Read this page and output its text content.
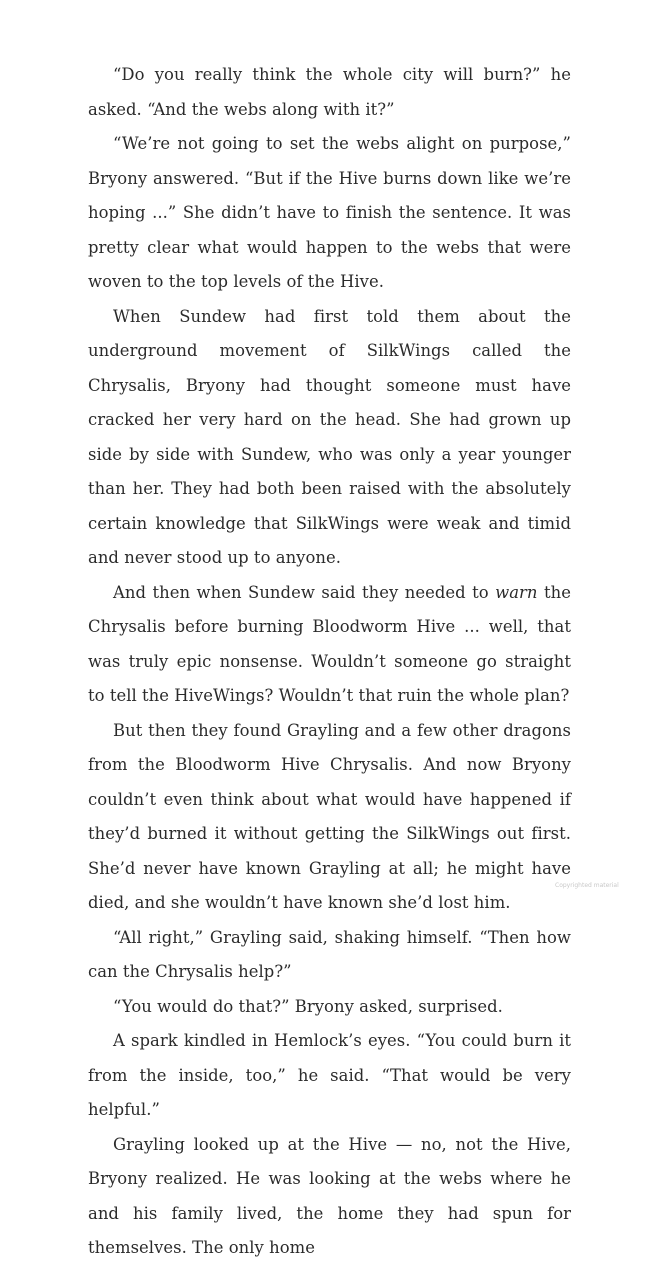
“Do you really think the whole city will burn?” he asked. “And the webs along with it?”

“We’re not going to set the webs alight on purpose,” Bryony answered. “But if the Hive burns down like we’re hoping ...” She didn’t have to finish the sentence. It was pretty clear what would happen to the webs that were woven to the top levels of the Hive.

When Sundew had first told them about the underground movement of SilkWings called the Chrysalis, Bryony had thought someone must have cracked her very hard on the head. She had grown up side by side with Sundew, who was only a year younger than her. They had both been raised with the absolutely certain knowledge that SilkWings were weak and timid and never stood up to anyone.

And then when Sundew said they needed to warn the Chrysalis before burning Bloodworm Hive ... well, that was truly epic nonsense. Wouldn’t someone go straight to tell the HiveWings? Wouldn’t that ruin the whole plan?

But then they found Grayling and a few other dragons from the Bloodworm Hive Chrysalis. And now Bryony couldn’t even think about what would have happened if they’d burned it without getting the SilkWings out first. She’d never have known Grayling at all; he might have died, and she wouldn’t have known she’d lost him.

“All right,” Grayling said, shaking himself. “Then how can the Chrysalis help?”

“You would do that?” Bryony asked, surprised.

A spark kindled in Hemlock’s eyes. “You could burn it from the inside, too,” he said. “That would be very helpful.”

Grayling looked up at the Hive — no, not the Hive, Bryony realized. He was looking at the webs where he and his family lived, the home they had spun for themselves. The only home

Copyrighted material
